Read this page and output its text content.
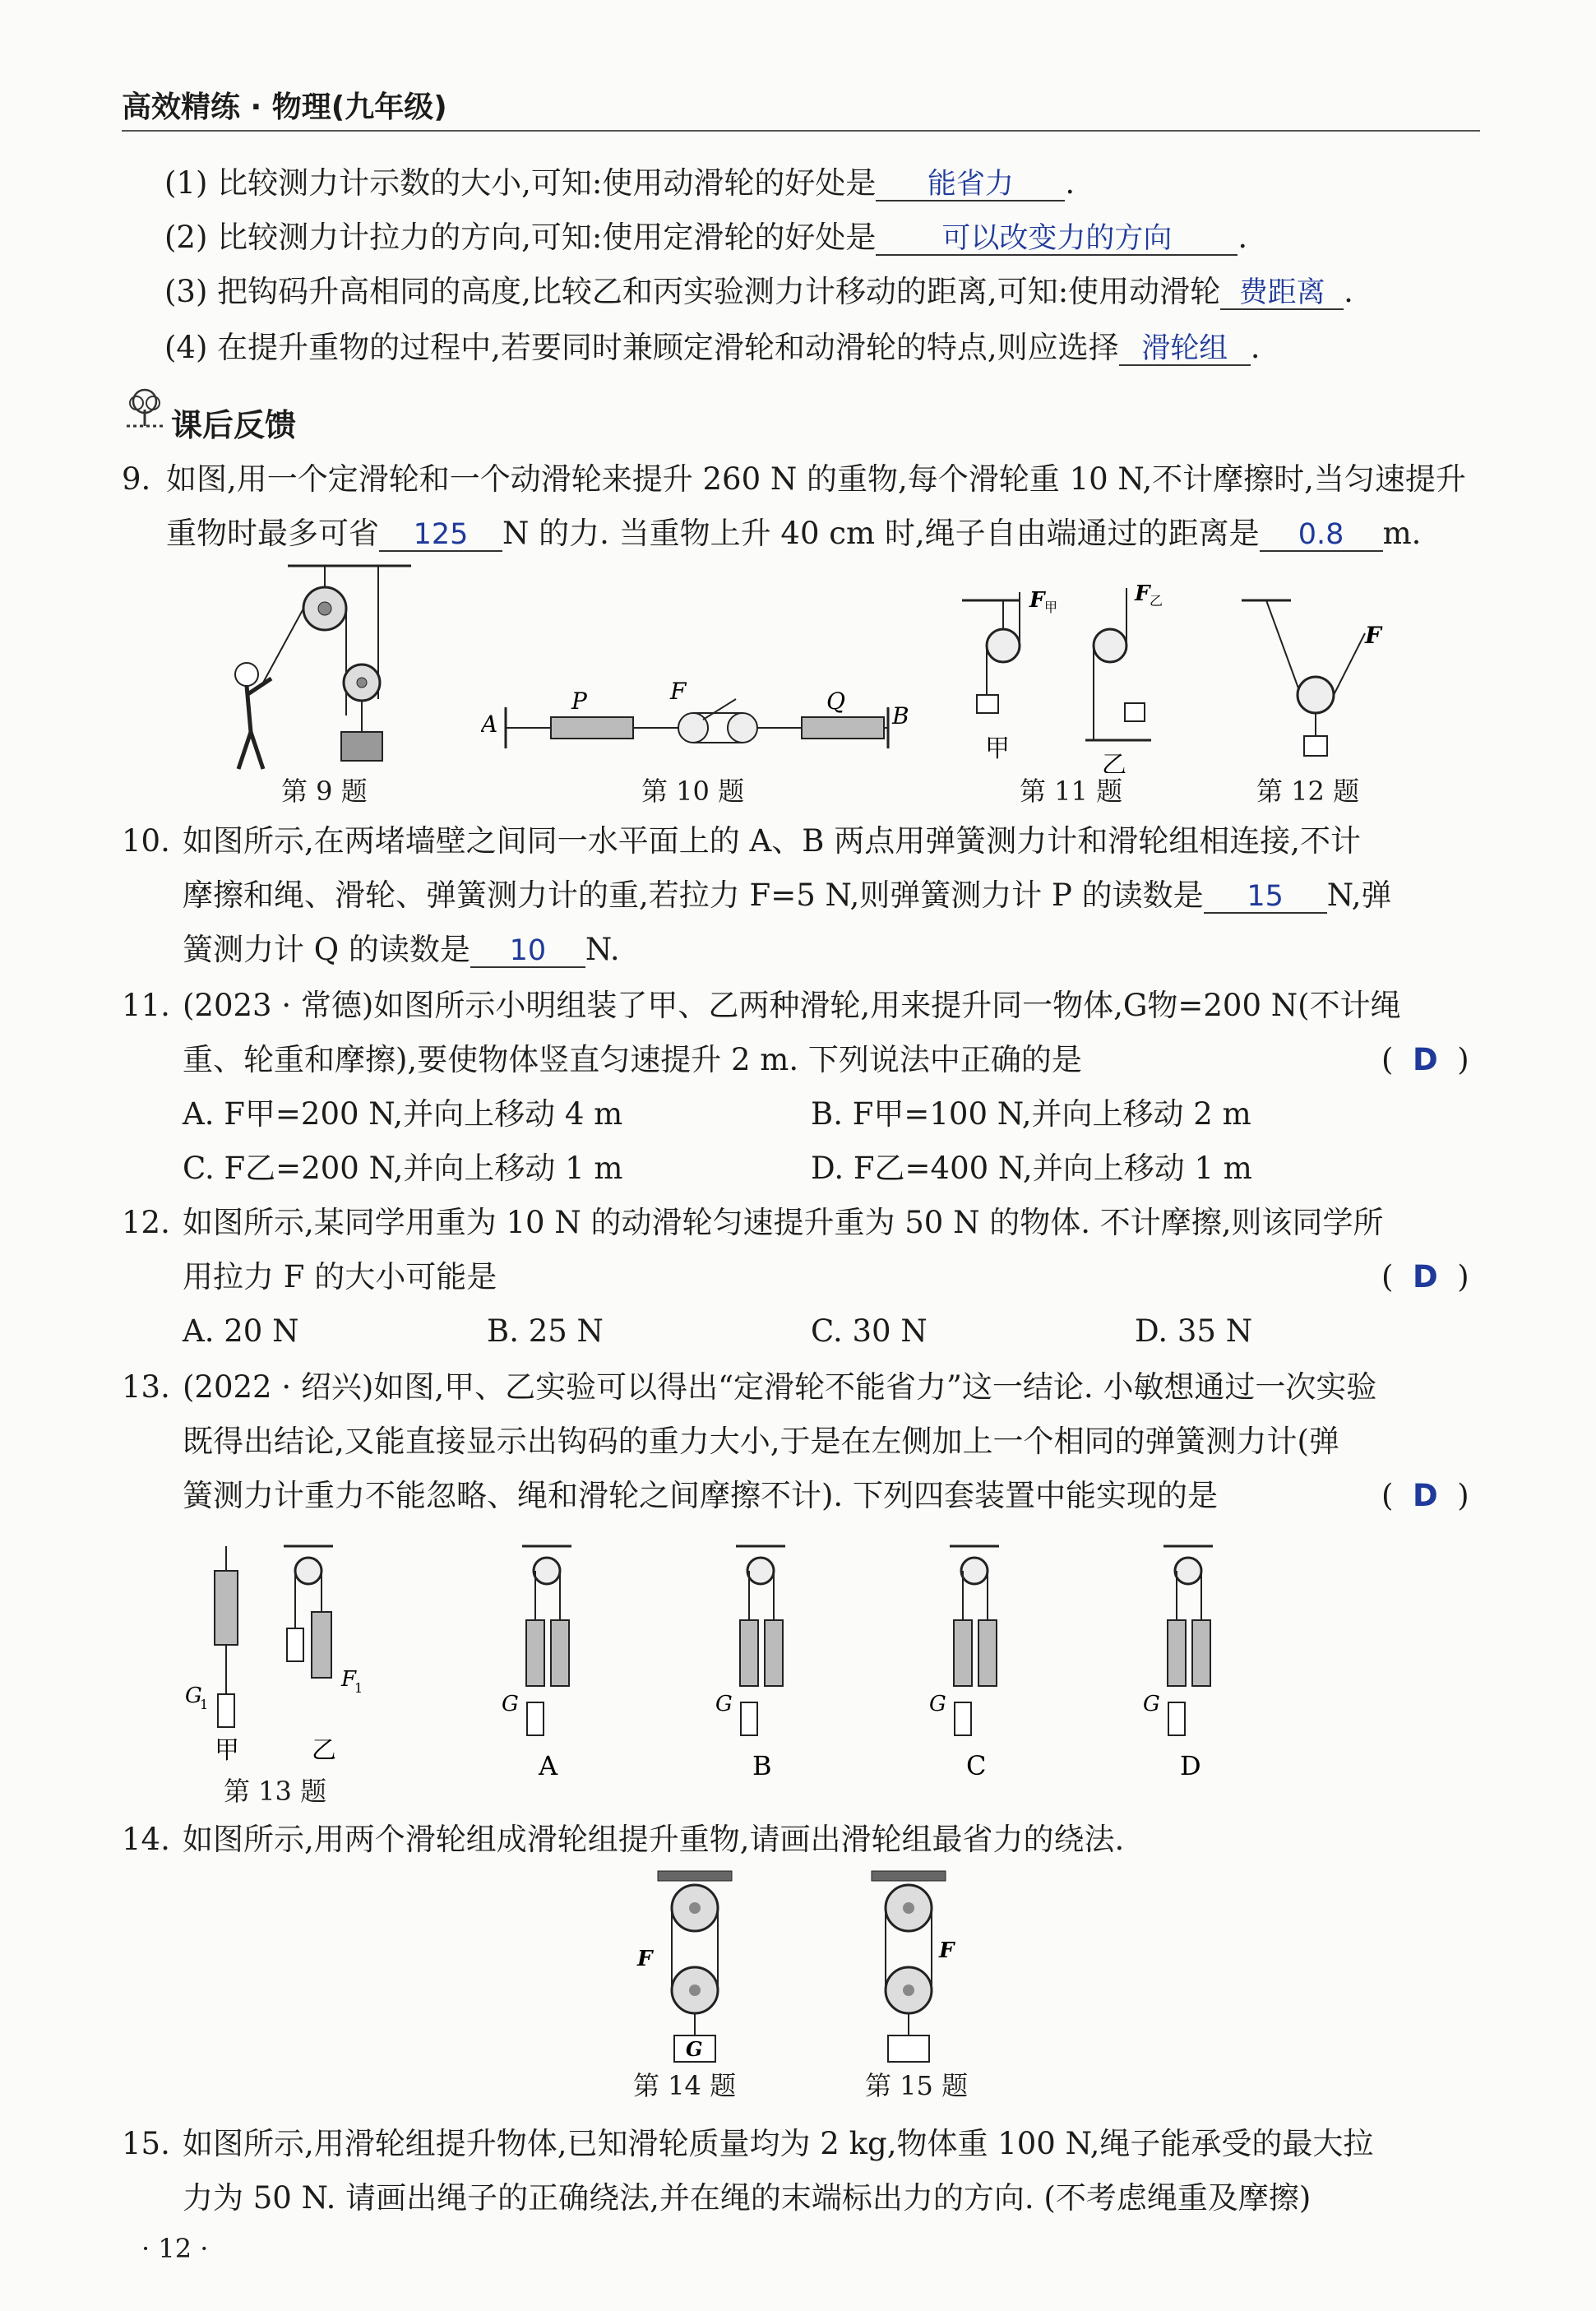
高效精练 · 物理(九年级)
(1) 比较测力计示数的大小,可知:使用动滑轮的好处是 能省力 .
(2) 比较测力计拉力的方向,可知:使用定滑轮的好处是 可以改变力的方向 .
(3) 把钩码升高相同的高度,比较乙和丙实验测力计移动的距离,可知:使用动滑轮 费距离 .
(4) 在提升重物的过程中,若要同时兼顾定滑轮和动滑轮的特点,则应选择 滑轮组 .
课后反馈
9. 如图,用一个定滑轮和一个动滑轮来提升 260 N 的重物,每个滑轮重 10 N,不计摩擦时,当匀速提升
重物时最多可省 125 N 的力. 当重物上升 40 cm 时,绳子自由端通过的距离是 0.8 m.
第 9 题
A
P	F	Q
B
第 10 题
F 甲
甲
F 乙
乙
第 11 题
F
第 12 题
10. 如图所示,在两堵墙壁之间同一水平面上的 A、B 两点用弹簧测力计和滑轮组相连接,不计
摩擦和绳、滑轮、弹簧测力计的重,若拉力 F=5 N,则弹簧测力计 P 的读数是 15 N,弹
簧测力计 Q 的读数是 10 N.
11. (2023 · 常德)如图所示小明组装了甲、乙两种滑轮,用来提升同一物体,G物=200 N(不计绳
重、轮重和摩擦),要使物体竖直匀速提升 2 m. 下列说法中正确的是	(  D  )
A. F甲=200 N,并向上移动 4 m	B. F甲=100 N,并向上移动 2 m
C. F乙=200 N,并向上移动 1 m	D. F乙=400 N,并向上移动 1 m
12. 如图所示,某同学用重为 10 N 的动滑轮匀速提升重为 50 N 的物体. 不计摩擦,则该同学所
用拉力 F 的大小可能是	(  D  )
A. 20 N	B. 25 N	C. 30 N	D. 35 N
13. (2022 · 绍兴)如图,甲、乙实验可以得出“定滑轮不能省力”这一结论. 小敏想通过一次实验
既得出结论,又能直接显示出钩码的重力大小,于是在左侧加上一个相同的弹簧测力计(弹
簧测力计重力不能忽略、绳和滑轮之间摩擦不计). 下列四套装置中能实现的是	(  D  )
G
1
甲
F
1
乙
G
A
G
B
G
C
G
D
第 13 题
14. 如图所示,用两个滑轮组成滑轮组提升重物,请画出滑轮组最省力的绕法.
G
F	F
第 14 题	第 15 题
15. 如图所示,用滑轮组提升物体,已知滑轮质量均为 2 kg,物体重 100 N,绳子能承受的最大拉
力为 50 N. 请画出绳子的正确绕法,并在绳的末端标出力的方向. (不考虑绳重及摩擦)
· 12 ·
